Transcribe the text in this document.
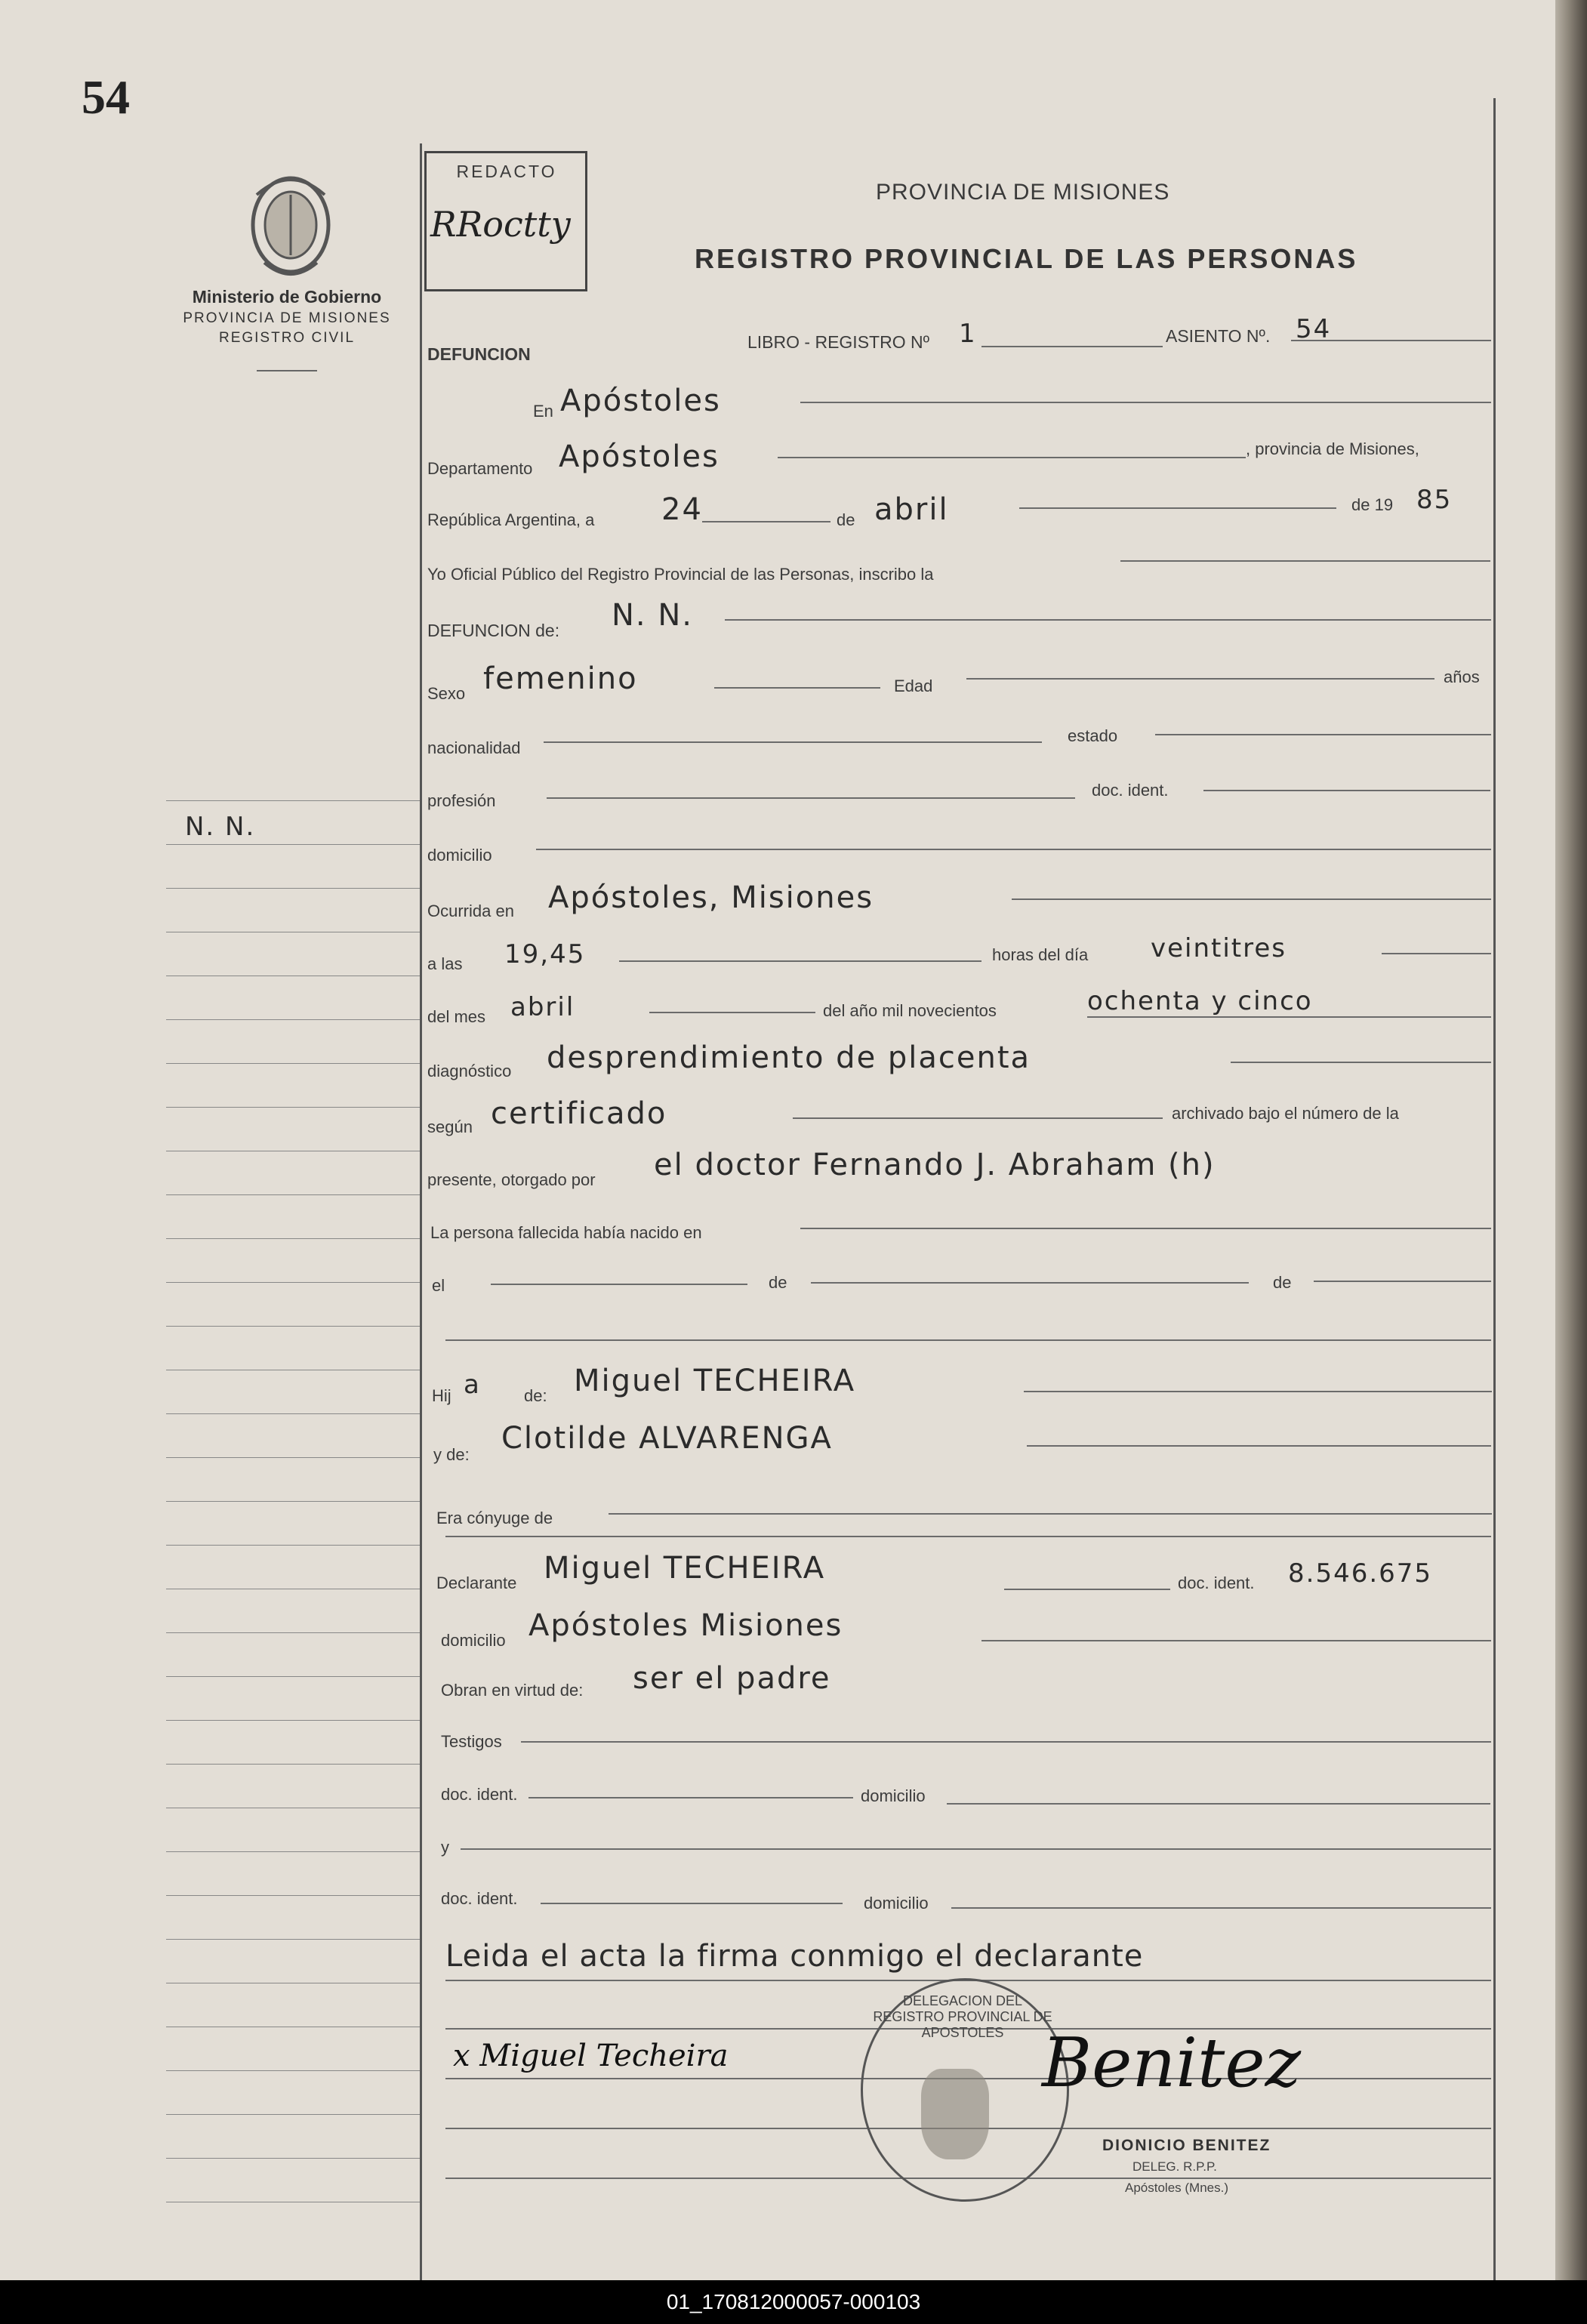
54
Ministerio de Gobierno
PROVINCIA DE MISIONES
REGISTRO CIVIL
REDACTO
RRoctty
PROVINCIA DE MISIONES
REGISTRO PROVINCIAL DE LAS PERSONAS
DEFUNCION
LIBRO - REGISTRO Nº 1	ASIENTO Nº. 54
N. N.
En Apóstoles
Departamento Apóstoles	, provincia de Misiones,
República Argentina, a 24	de abril	de 19 85
Yo Oficial Público del Registro Provincial de las Personas, inscribo la
DEFUNCION de: N. N.
Sexo femenino	Edad	años
nacionalidad
estado
profesión
doc. ident.
domicilio
Ocurrida en Apóstoles, Misiones
a las 19,45	horas del día veintitres
del mes abril	del año mil novecientos	ochenta y cinco
diagnóstico desprendimiento de placenta
según certificado	archivado bajo el número de la
presente, otorgado por el doctor Fernando J. Abraham (h)
La persona fallecida había nacido en
el	de	de
Hij a	de: Miguel TECHEIRA
y de: Clotilde ALVARENGA
Era cónyuge de
Declarante Miguel TECHEIRA	doc. ident. 8.546.675
domicilio Apóstoles Misiones
Obran en virtud de: ser el padre
Testigos
doc. ident.	domicilio
y
doc. ident.	domicilio
Leida el acta la firma conmigo el declarante
x Miguel Techeira
DELEGACION DEL REGISTRO PROVINCIAL DE APOSTOLES Benitez
DIONICIO BENITEZ
DELEG. R.P.P.
Apóstoles (Mnes.)
01_170812000057-000103
